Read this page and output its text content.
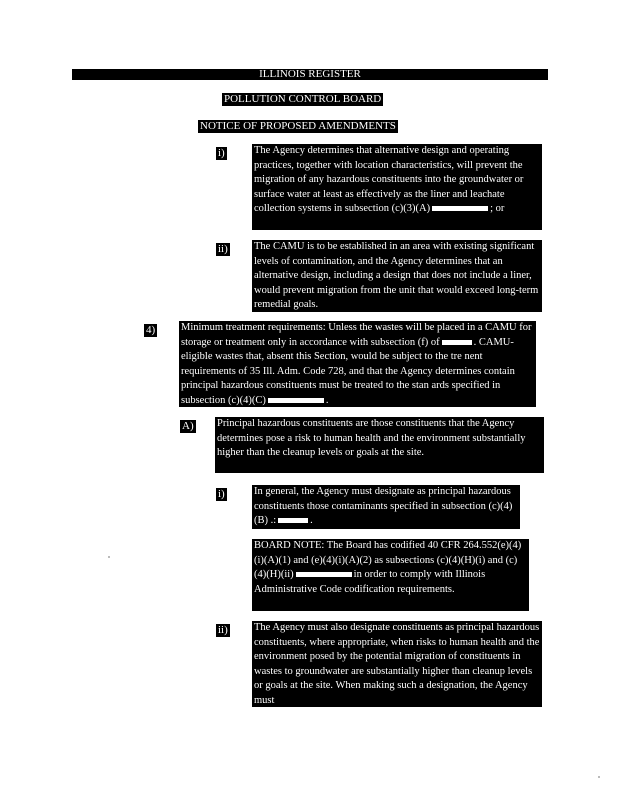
ILLINOIS REGISTER
POLLUTION CONTROL BOARD
NOTICE OF PROPOSED AMENDMENTS
i)	The Agency determines that alternative design and operating practices, together with location characteristics, will prevent the migration of any hazardous constituents into the groundwater or surface water at least as effectively as the liner and leachate collection systems in subsection (c)(3)(A)	; or

ii) The CAMU is to be established in an area with existing significant levels of contamination, and the Agency determines that an alternative design, including a design that does not include a liner, would prevent migration from the unit that would exceed long-term remedial goals.

4) Minimum treatment requirements: Unless the wastes will be placed in a CAMU for storage or treatment only in accordance with subsection (f) of	. CAMU-eligible wastes that, absent this Section, would be subject to the tre nent requirements of 35 Ill. Adm. Code 728, and that the Agency determines contain principal hazardous constituents must be treated to the stan ards specified in subsection (c)(4)(C)	.

A) Principal hazardous constituents are those constituents that the Agency determines pose a risk to human health and the environment substantially higher than the cleanup levels or goals at the site.

i)	In general, the Agency must designate as principal hazardous constituents those contaminants specified in subsection (c)(4)(B) .:	.

BOARD NOTE: The Board has codified 40 CFR 264.552(e)(4)(i)(A)(1) and (e)(4)(i)(A)(2) as subsections (c)(4)(H)(i) and (c)(4)(H)(ii)	in order to comply with Illinois Administrative Code codification requirements.

ii) The Agency must also designate constituents as principal hazardous constituents, where appropriate, when risks to human health and the environment posed by the potential migration of constituents in wastes to groundwater are substantially higher than cleanup levels or goals at the site. When making such a designation, the Agency must
